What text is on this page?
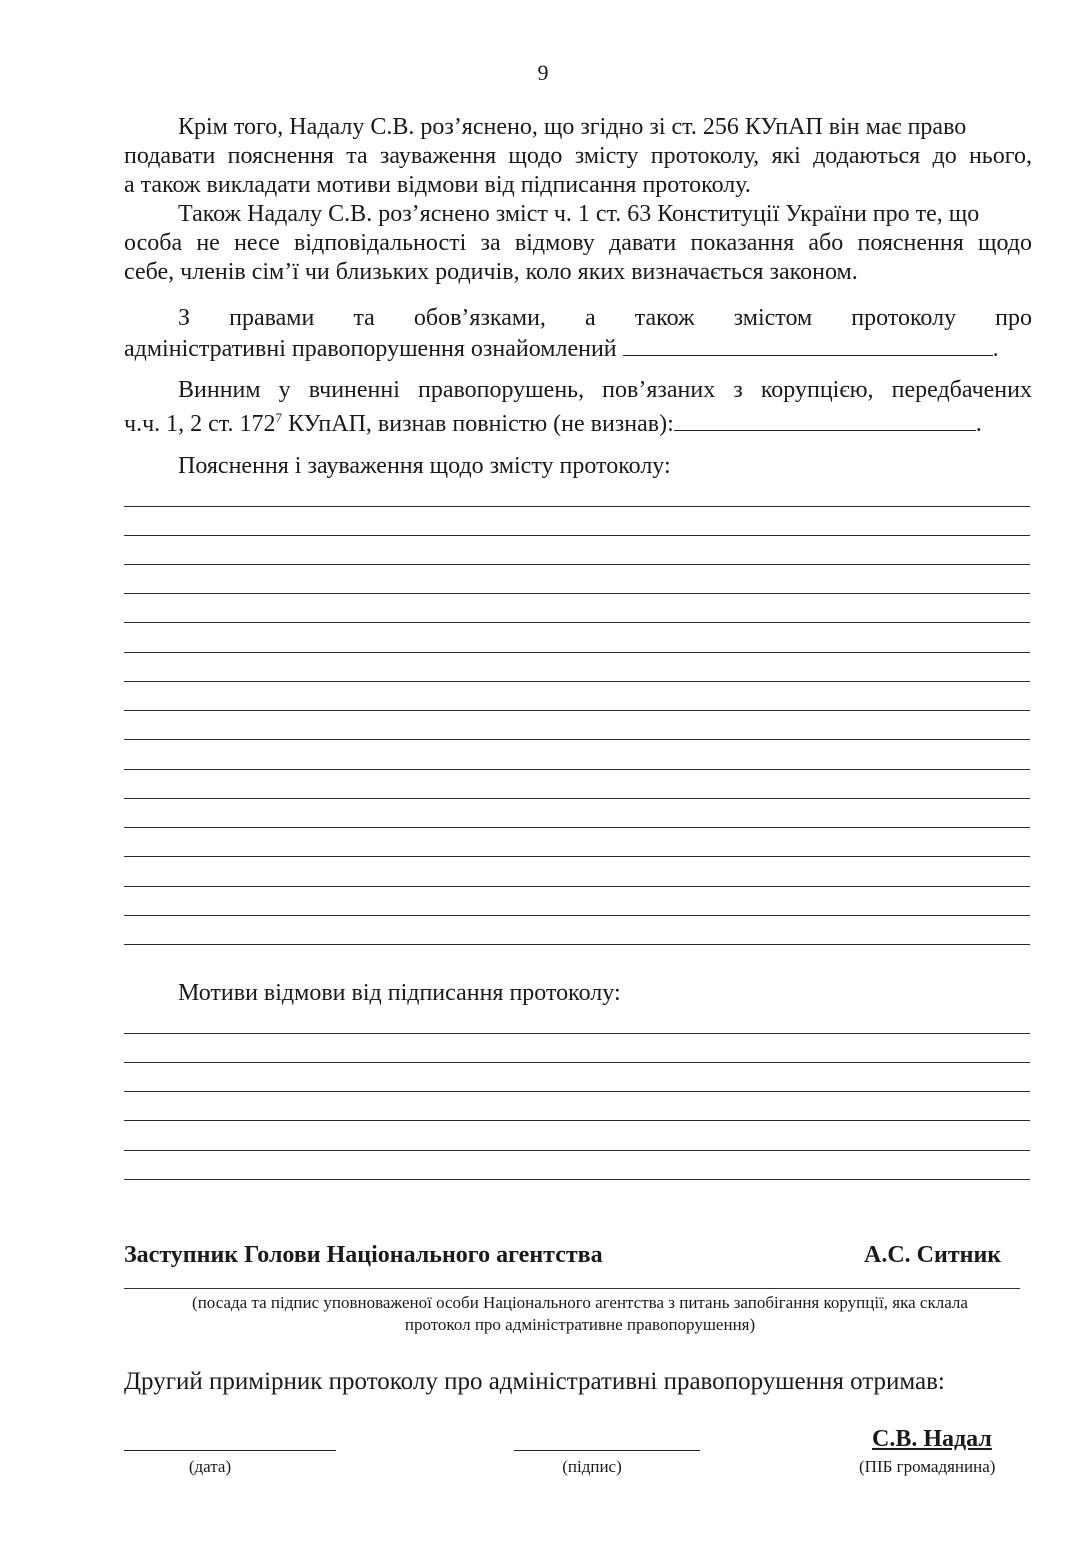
9
Крім того, Надалу С.В. роз’яснено, що згідно зі ст. 256 КУпАП він має право
подавати пояснення та зауваження щодо змісту протоколу, які додаються до нього,
а також викладати мотиви відмови від підписання протоколу.
Також Надалу С.В. роз’яснено зміст ч. 1 ст. 63 Конституції України про те, що
особа не несе відповідальності за відмову давати показання або пояснення щодо
себе, членів сім’ї чи близьких родичів, коло яких визначається законом.
З правами та обов’язками, а також змістом протоколу про
адміністративні правопорушення ознайомлений	.
Винним у вчиненні правопорушень, пов’язаних з корупцією, передбачених
ч.ч. 1, 2 ст. $172^7$ КУпАП, визнав повністю (не визнав):	.
Пояснення і зауваження щодо змісту протоколу:
Мотиви відмови від підписання протоколу:
Заступник Голови Національного агентства	А.С. Ситник
(посада та підпис уповноваженої особи Національного агентства з питань запобігання корупції, яка склала
протокол про адміністративне правопорушення)
Другий примірник протоколу про адміністративні правопорушення отримав:
(дата)	(підпис)
С.В. Надал
(ПІБ громадянина)
